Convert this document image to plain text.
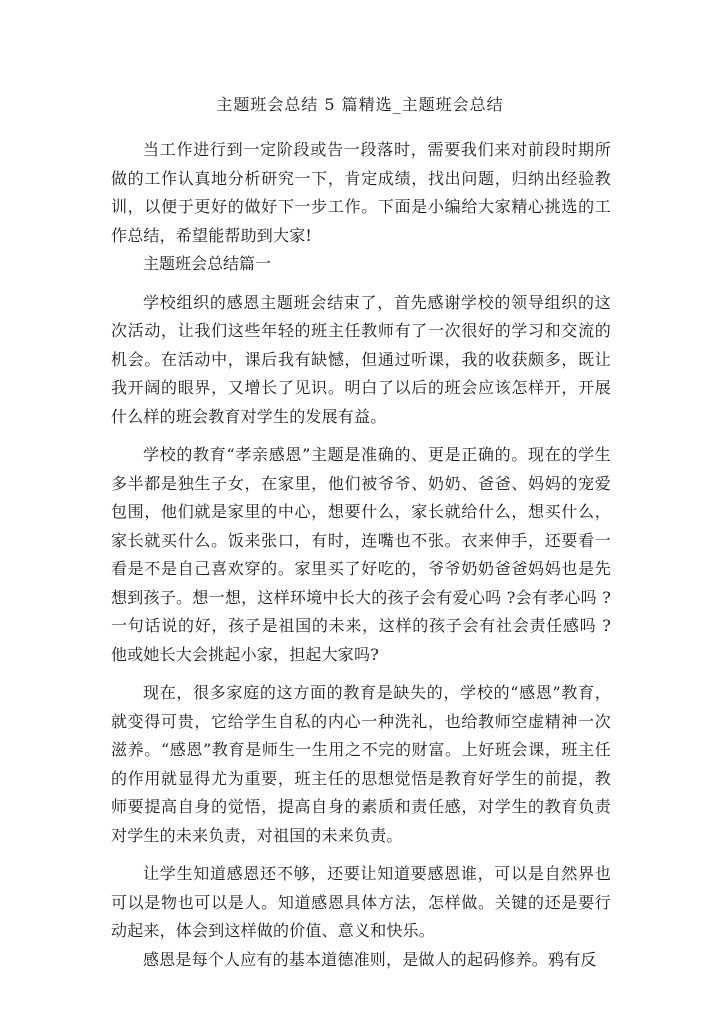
主题班会总结 5 篇精选_主题班会总结

当工作进行到一定阶段或告一段落时，需要我们来对前段时期所做的工作认真地分析研究一下，肯定成绩，找出问题，归纳出经验教训，以便于更好的做好下一步工作。下面是小编给大家精心挑选的工作总结，希望能帮助到大家!

主题班会总结篇一

学校组织的感恩主题班会结束了，首先感谢学校的领导组织的这次活动，让我们这些年轻的班主任教师有了一次很好的学习和交流的机会。在活动中，课后我有缺憾，但通过听课，我的收获颇多，既让我开阔的眼界，又增长了见识。明白了以后的班会应该怎样开，开展什么样的班会教育对学生的发展有益。

学校的教育“孝亲感恩”主题是准确的、更是正确的。现在的学生多半都是独生子女，在家里，他们被爷爷、奶奶、爸爸、妈妈的宠爱包围，他们就是家里的中心，想要什么，家长就给什么，想买什么，家长就买什么。饭来张口，有时，连嘴也不张。衣来伸手，还要看一看是不是自己喜欢穿的。家里买了好吃的，爷爷奶奶爸爸妈妈也是先想到孩子。想一想，这样环境中长大的孩子会有爱心吗 ?会有孝心吗 ? 一句话说的好，孩子是祖国的未来，这样的孩子会有社会责任感吗 ?他或她长大会挑起小家，担起大家吗?

现在，很多家庭的这方面的教育是缺失的，学校的“感恩”教育，就变得可贵，它给学生自私的内心一种洗礼，也给教师空虚精神一次滋养。“感恩”教育是师生一生用之不完的财富。上好班会课，班主任的作用就显得尤为重要，班主任的思想觉悟是教育好学生的前提，教师要提高自身的觉悟，提高自身的素质和责任感，对学生的教育负责对学生的未来负责，对祖国的未来负责。

让学生知道感恩还不够，还要让知道要感恩谁，可以是自然界也可以是物也可以是人。知道感恩具体方法，怎样做。关键的还是要行动起来，体会到这样做的价值、意义和快乐。

感恩是每个人应有的基本道德准则，是做人的起码修养。鸦有反
